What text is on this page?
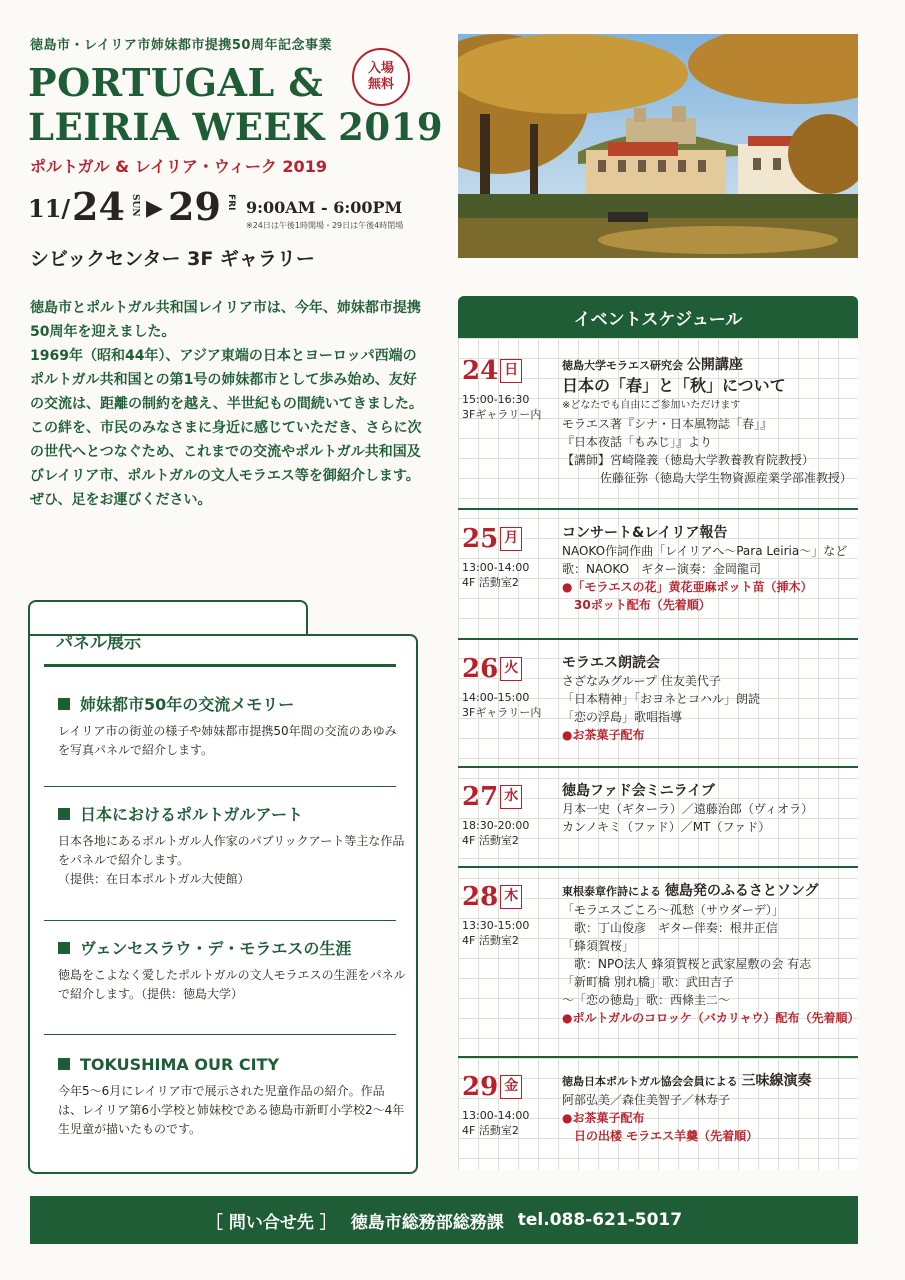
徳島市・レイリア市姉妹都市提携50周年記念事業
入場
無料
PORTUGAL &
LEIRIA WEEK 2019
ポルトガル & レイリア・ウィーク 2019
11/ 24 SUN ▶ 29 FRI 9:00AM - 6:00PM
※24日は午後1時開場・29日は午後4時閉場
シビックセンター 3F ギャラリー

徳島市とポルトガル共和国レイリア市は、今年、姉妹都市提携50周年を迎えました。

1969年（昭和44年）、アジア東端の日本とヨーロッパ西端のポルトガル共和国との第1号の姉妹都市として歩み始め、友好の交流は、距離の制約を越え、半世紀もの間続いてきました。

この絆を、市民のみなさまに身近に感じていただき、さらに次の世代へとつなぐため、これまでの交流やポルトガル共和国及びレイリア市、ポルトガルの文人モラエス等を御紹介します。ぜひ、足をお運びください。

パネル展示
姉妹都市50年の交流メモリー
レイリア市の街並の様子や姉妹都市提携50年間の交流のあゆみを写真パネルで紹介します。
日本におけるポルトガルアート
日本各地にあるポルトガル人作家のパブリックアート等主な作品をパネルで紹介します。
（提供：在日本ポルトガル大使館）
ヴェンセスラウ・デ・モラエスの生涯
徳島をこよなく愛したポルトガルの文人モラエスの生涯をパネルで紹介します。（提供：徳島大学）
TOKUSHIMA OUR CITY
今年5～6月にレイリア市で展示された児童作品の紹介。作品は、レイリア第6小学校と姉妹校である徳島市新町小学校2～4年生児童が描いたものです。
イベントスケジュール
24 日
15:00-16:30
3Fギャラリー内
徳島大学モラエス研究会 公開講座
日本の「春」と「秋」について
※どなたでも自由にご参加いただけます
モラエス著『シナ・日本風物誌「春」』
『日本夜話「もみじ」』より
【講師】宮崎隆義（徳島大学教養教育院教授）
佐藤征弥（徳島大学生物資源産業学部准教授）
25 月
13:00-14:00
4F 活動室2
コンサート&レイリア報告
NAOKO作詞作曲「レイリアへ～Para Leiria～」など
歌：NAOKO　ギター演奏：金岡龍司
●「モラエスの花」黄花亜麻ポット苗（挿木）
30ポット配布（先着順）
26 火
14:00-15:00
3Fギャラリー内
モラエス朗読会
さざなみグループ 住友美代子
「日本精神」「おヨネとコハル」朗読
「恋の浮島」歌唱指導
●お茶菓子配布
27 水
18:30-20:00
4F 活動室2
徳島ファド会ミニライブ
月本一史（ギターラ）／遠藤治郎（ヴィオラ）
カンノキミ（ファド）／MT（ファド）
28 木
13:30-15:00
4F 活動室2
東根泰章作詩による 徳島発のふるさとソング
「モラエスごころ～孤愁（サウダーデ）」
歌：丁山俊彦　ギター伴奏：根井正信
「蜂須賀桜」
歌：NPO法人 蜂須賀桜と武家屋敷の会 有志
「新町橋 別れ橋」歌：武田吉子
～「恋の徳島」歌：西條圭二～
●ポルトガルのコロッケ（バカリャウ）配布（先着順）
29 金
13:00-14:00
4F 活動室2
徳島日本ポルトガル協会会員による 三味線演奏
阿部弘美／森住美智子／林寿子
●お茶菓子配布
日の出楼 モラエス羊羹（先着順）
［ 問い合せ先 ］ 徳島市総務部総務課 tel.088-621-5017
